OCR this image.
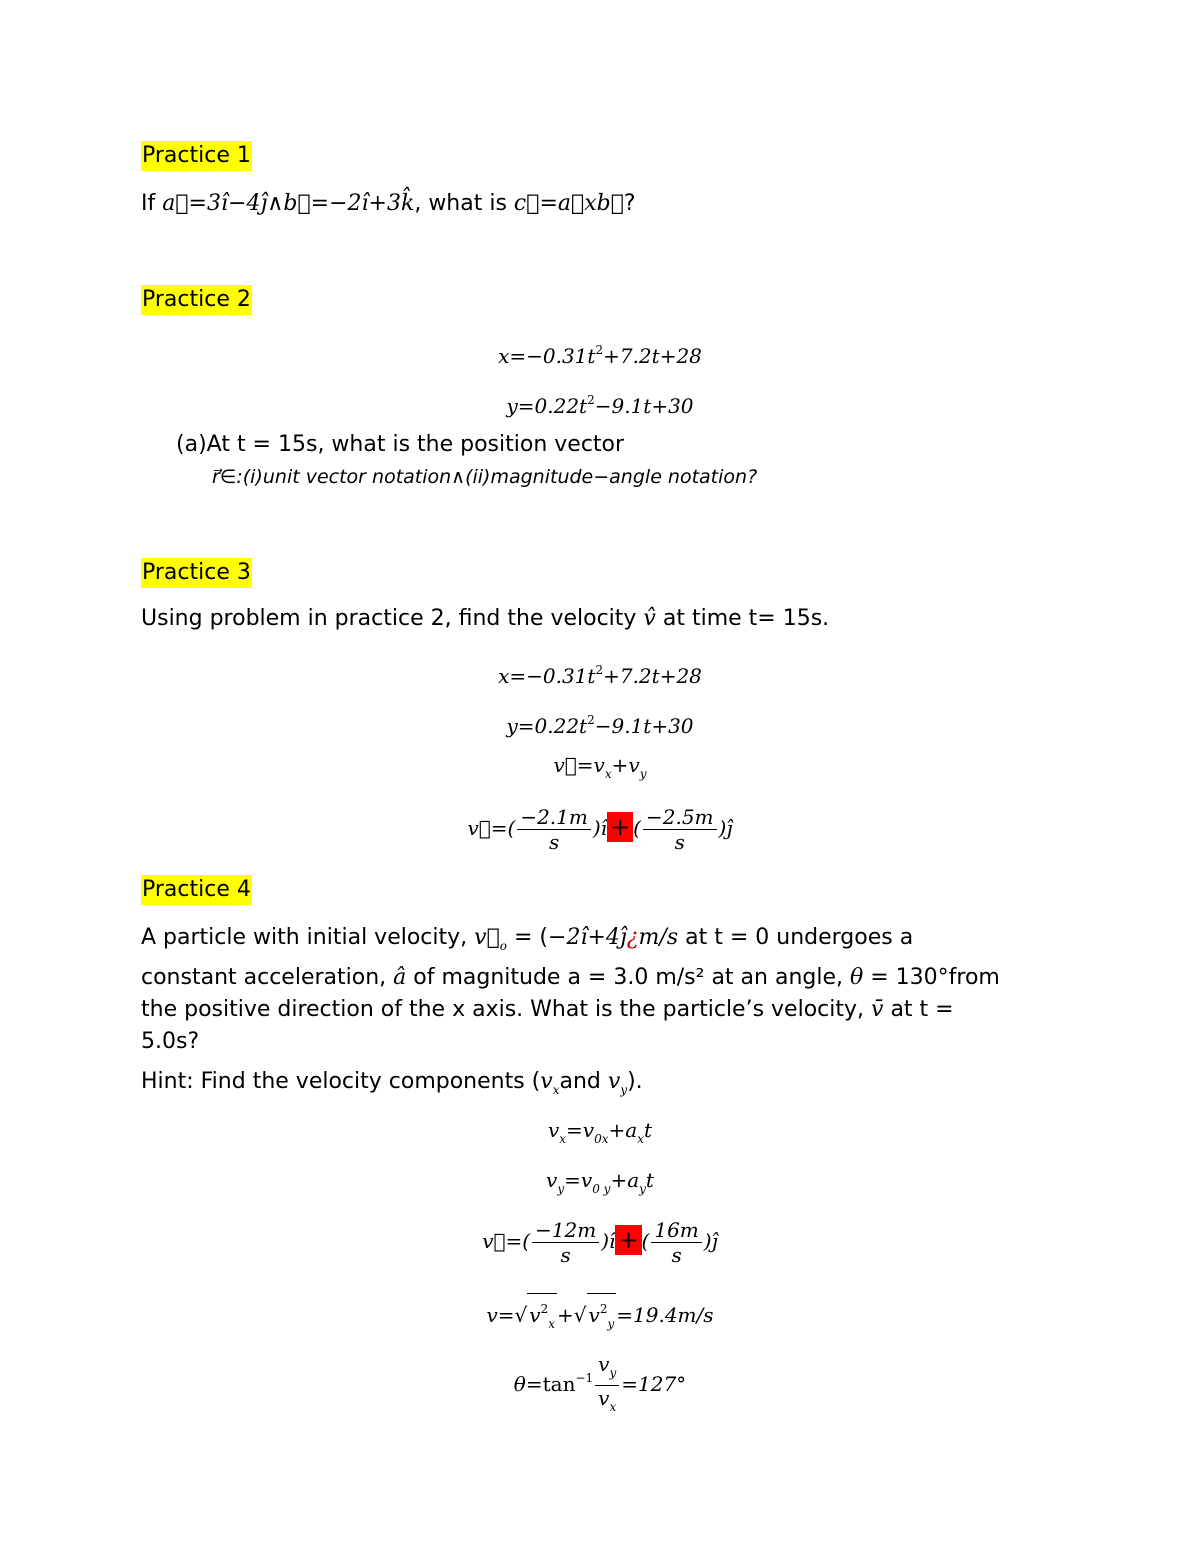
Practice 1
If a⃗=3î−4ĵ∧b⃗=−2î+3k̂, what is c⃗=a⃗xb⃗?
Practice 2
x=−0.31t2+7.2t+28
y=0.22t2−9.1t+30
(a)At t = 15s, what is the position vector
r⃗∈:(i)unit vector notation∧(ii)magnitude−angle notation?
Practice 3
Using problem in practice 2, find the velocity v̂ at time t= 15s.
x=−0.31t2+7.2t+28
y=0.22t2−9.1t+30
v⃗=vx+vy
v⃗=( $\frac{-2.1m}{s}$ )î + ( $\frac{-2.5m}{s}$ )ĵ
Practice 4
A particle with initial velocity, $v⃗_o$ = (−2î+4ĵ¿m/s at t = 0 undergoes a
constant acceleration, â of magnitude a = 3.0 m/s² at an angle, θ = 130°from
the positive direction of the x axis. What is the particle’s velocity, v̄ at t =
5.0s?
Hint: Find the velocity components ($v_xand$ $v_y$).
vx=v0x+axt
vy=v0 y+ayt
v⃗=( $\frac{-12m}{s}$ )î + ( $\frac{16m}{s}$ )ĵ
v=√ v2x +√ v2y =19.4m/s
$\theta=\tan-1 \frac{vy}{vx} =127^\circ$
